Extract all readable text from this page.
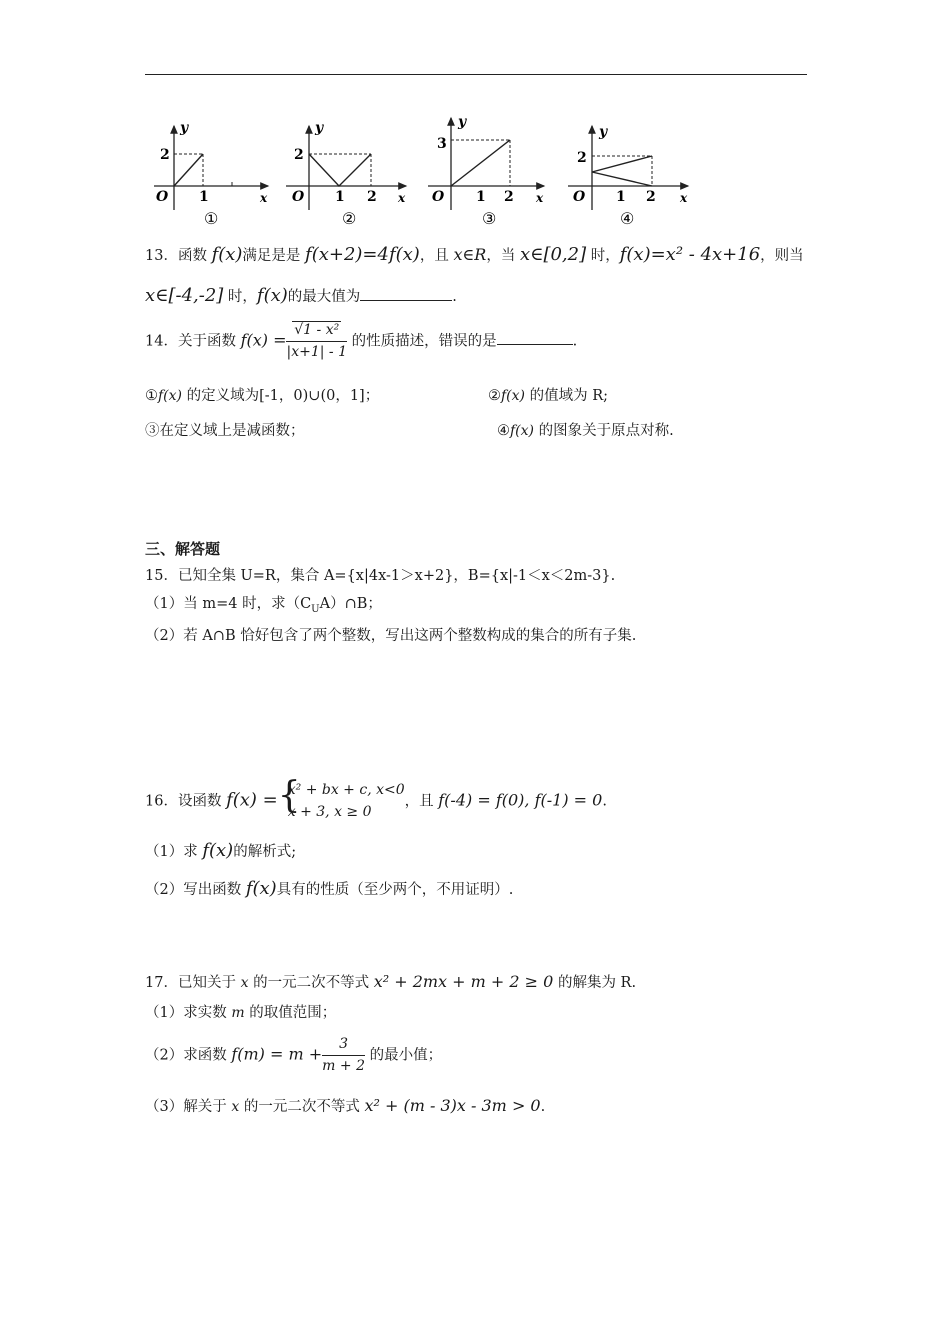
y
x
O
2
1
①
y
x
O
2
1 2
②
y
x
O
3
1 2
③
y
x
O
2
1 2
④
13．函数 f(x)满足是是 f(x+2)=4f(x)，且 x∈R，当 x∈[0,2] 时，f(x)=x² - 4x+16，则当
x∈[-4,-2] 时，f(x)的最大值为	.
14．关于函数 $f(x) = \frac{\text{√1 - x²}}{|x+1| - 1}$ 的性质描述，错误的是	.
①f(x) 的定义域为[-1，0)∪(0，1]；	②f(x) 的值域为 R;
③在定义域上是减函数；	④f(x) 的图象关于原点对称.
三、解答题
15．已知全集 U=R，集合 A={x|4x-1＞x+2}，B={x|-1＜x＜2m-3}.
（1）当 m=4 时，求$(C_UA)\cap B$；
（2）若 A∩B 恰好包含了两个整数，写出这两个整数构成的集合的所有子集.
16．设函数 f(x) = {
x² + bx + c, x<0
x + 3, x ≥ 0
，且 f(-4) = f(0), f(-1) = 0.
（1）求 f(x)的解析式;
（2）写出函数 f(x)具有的性质（至少两个，不用证明）.
17．已知关于 x 的一元二次不等式 x² + 2mx + m + 2 ≥ 0 的解集为 R.
（1）求实数 m 的取值范围；
（2）求函数 $f(m) = m + \frac{3}{m + 2}$ 的最小值；
（3）解关于 x 的一元二次不等式 x² + (m - 3)x - 3m > 0.
